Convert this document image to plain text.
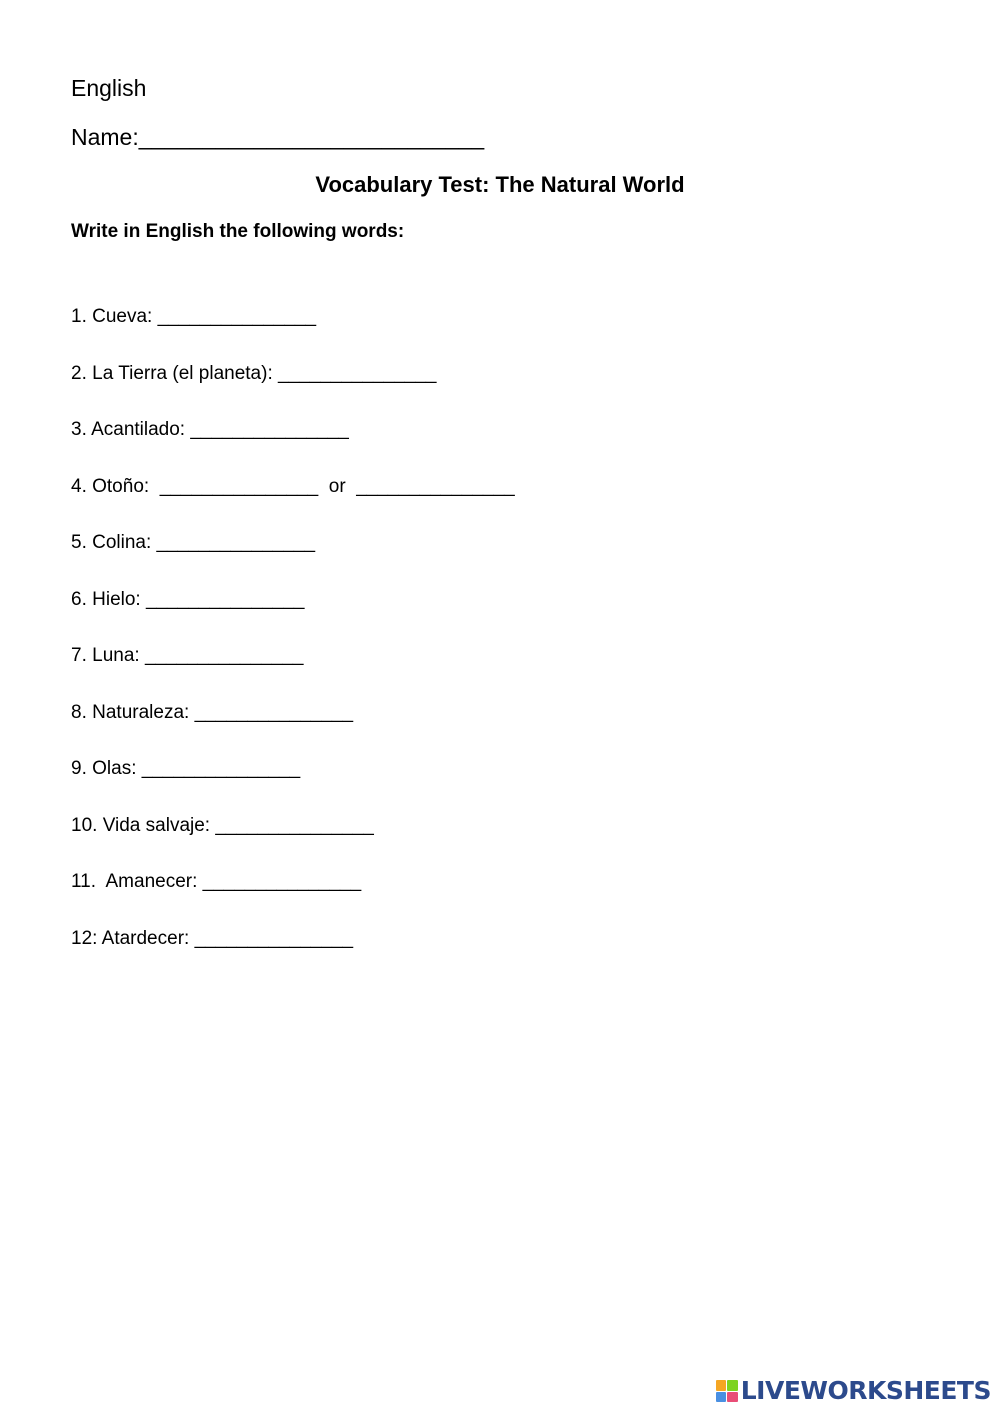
English
Name:___________________________
Vocabulary Test: The Natural World
Write in English the following words:
1. Cueva: _______________
2. La Tierra (el planeta): _______________
3. Acantilado: _______________
4. Otoño:  _______________  or  _______________
5. Colina: _______________
6. Hielo: _______________
7. Luna: _______________
8. Naturaleza: _______________
9. Olas: _______________
10. Vida salvaje: _______________
11.  Amanecer: _______________
12: Atardecer: _______________
LIVEWORKSHEETS
